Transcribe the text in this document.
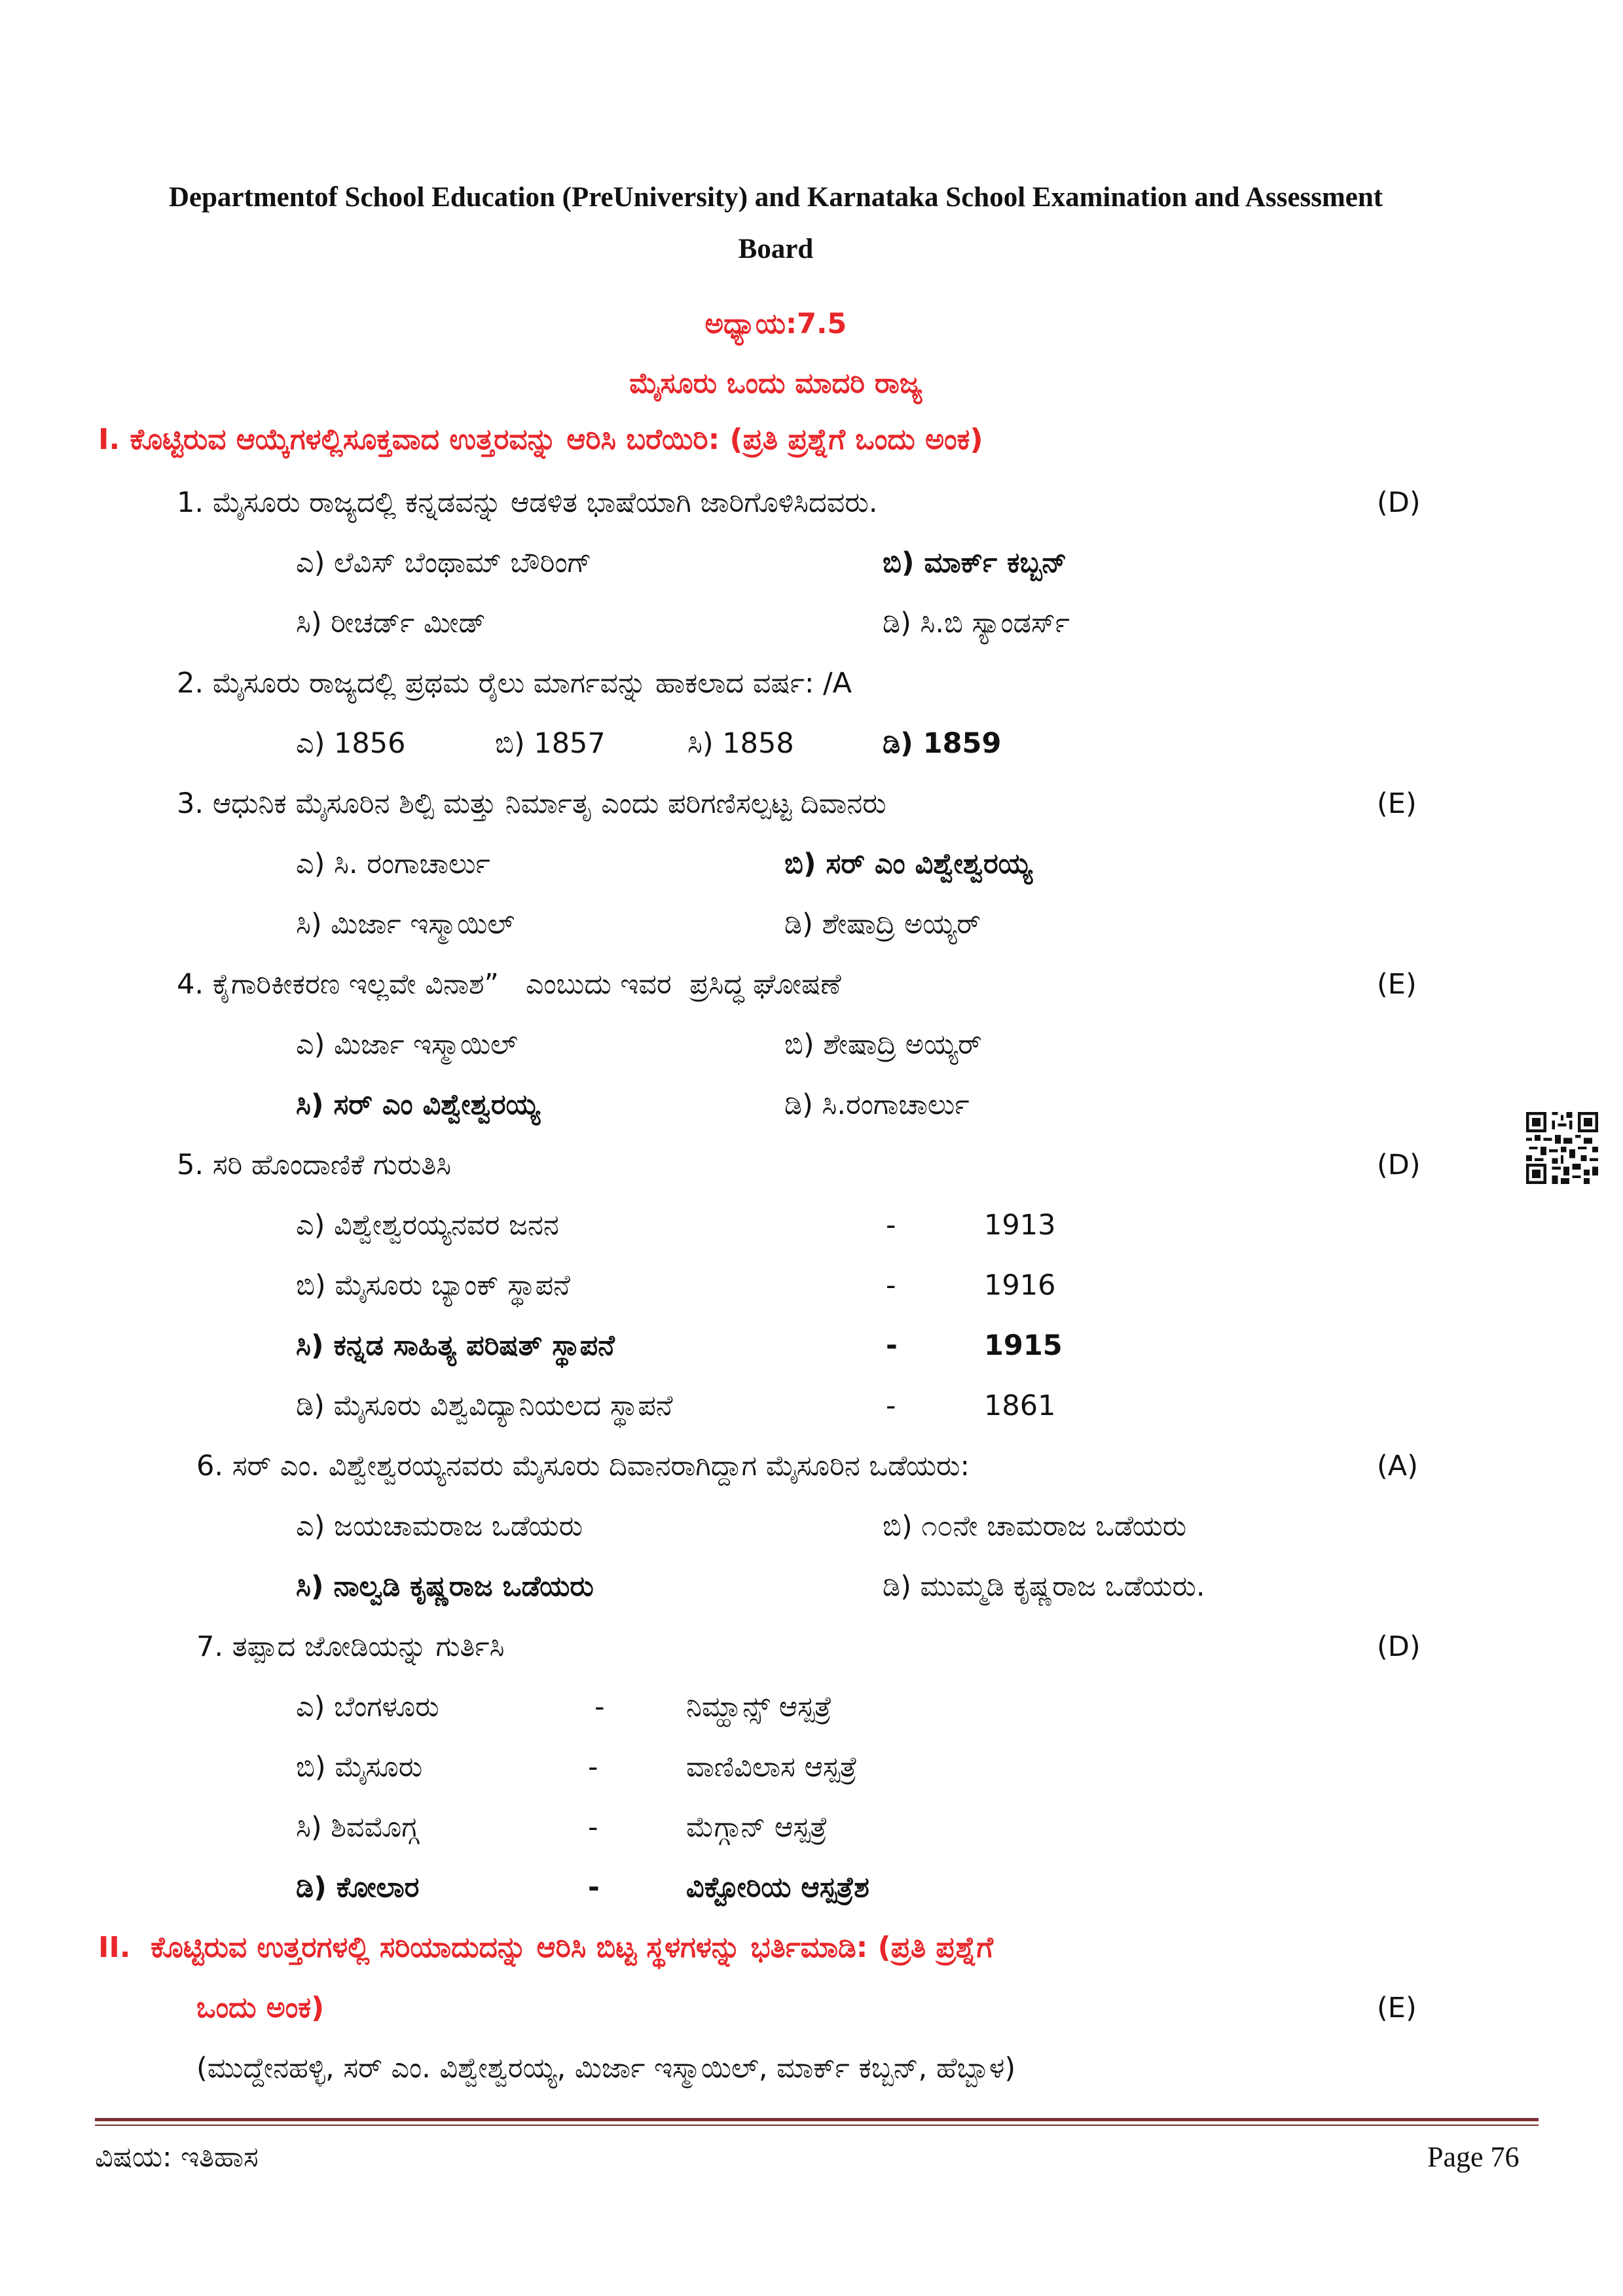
Departmentof School Education (PreUniversity) and Karnataka School Examination and Assessment
Board
ಅಧ್ಯಾಯ:7.5
ಮೈಸೂರು ಒಂದು ಮಾದರಿ ರಾಜ್ಯ
I. ಕೊಟ್ಟಿರುವ ಆಯ್ಕೆಗಳಲ್ಲಿಸೂಕ್ತವಾದ ಉತ್ತರವನ್ನು ಆರಿಸಿ ಬರೆಯಿರಿ: (ಪ್ರತಿ ಪ್ರಶ್ನೆಗೆ ಒಂದು ಅಂಕ)
1. ಮೈಸೂರು ರಾಜ್ಯದಲ್ಲಿ ಕನ್ನಡವನ್ನು ಆಡಳಿತ ಭಾಷೆಯಾಗಿ ಜಾರಿಗೊಳಿಸಿದವರು.	(D)
ಎ) ಲೆವಿಸ್ ಬೆಂಥಾಮ್ ಬೌರಿಂಗ್	ಬಿ) ಮಾರ್ಕ್ ಕಬ್ಬನ್
ಸಿ) ರೀಚರ್ಡ್ ಮೀಡ್	ಡಿ) ಸಿ.ಬಿ ಸ್ಯಾಂಡರ್ಸ್
2. ಮೈಸೂರು ರಾಜ್ಯದಲ್ಲಿ ಪ್ರಥಮ ರೈಲು ಮಾರ್ಗವನ್ನು ಹಾಕಲಾದ ವರ್ಷ: /A
ಎ) 1856	ಬಿ) 1857	ಸಿ) 1858	ಡಿ) 1859
3. ಆಧುನಿಕ ಮೈಸೂರಿನ ಶಿಲ್ಪಿ ಮತ್ತು ನಿರ್ಮಾತೃ ಎಂದು ಪರಿಗಣಿಸಲ್ಪಟ್ಟ ದಿವಾನರು	(E)
ಎ) ಸಿ. ರಂಗಾಚಾರ್ಲು	ಬಿ) ಸರ್ ಎಂ ವಿಶ್ವೇಶ್ವರಯ್ಯ
ಸಿ) ಮಿರ್ಜಾ ಇಸ್ಮಾಯಿಲ್	ಡಿ) ಶೇಷಾದ್ರಿ ಅಯ್ಯರ್
4. ಕೈಗಾರಿಕೀಕರಣ ಇಲ್ಲವೇ ವಿನಾಶ”   ಎಂಬುದು ಇವರ  ಪ್ರಸಿದ್ಧ ಘೋಷಣೆ	(E)
ಎ) ಮಿರ್ಜಾ ಇಸ್ಮಾಯಿಲ್	ಬಿ) ಶೇಷಾದ್ರಿ ಅಯ್ಯರ್
ಸಿ) ಸರ್ ಎಂ ವಿಶ್ವೇಶ್ವರಯ್ಯ	ಡಿ) ಸಿ.ರಂಗಾಚಾರ್ಲು
5. ಸರಿ ಹೊಂದಾಣಿಕೆ ಗುರುತಿಸಿ	(D)
ಎ) ವಿಶ್ವೇಶ್ವರಯ್ಯನವರ ಜನನ	-	1913
ಬಿ) ಮೈಸೂರು ಬ್ಯಾಂಕ್ ಸ್ಥಾಪನೆ	-	1916
ಸಿ) ಕನ್ನಡ ಸಾಹಿತ್ಯ ಪರಿಷತ್ ಸ್ಥಾಪನೆ	-	1915
ಡಿ) ಮೈಸೂರು ವಿಶ್ವವಿದ್ಯಾನಿಯಲದ ಸ್ಥಾಪನೆ	-	1861
6. ಸರ್ ಎಂ. ವಿಶ್ವೇಶ್ವರಯ್ಯನವರು ಮೈಸೂರು ದಿವಾನರಾಗಿದ್ದಾಗ ಮೈಸೂರಿನ ಒಡೆಯರು:	(A)
ಎ) ಜಯಚಾಮರಾಜ ಒಡೆಯರು	ಬಿ) ೧೦ನೇ ಚಾಮರಾಜ ಒಡೆಯರು
ಸಿ) ನಾಲ್ವಡಿ ಕೃಷ್ಣರಾಜ ಒಡೆಯರು	ಡಿ) ಮುಮ್ಮಡಿ ಕೃಷ್ಣರಾಜ ಒಡೆಯರು.
7. ತಪ್ಪಾದ ಜೋಡಿಯನ್ನು ಗುರ್ತಿಸಿ	(D)
ಎ) ಬೆಂಗಳೂರು	-	ನಿಮ್ಹಾನ್ಸ್ ಆಸ್ಪತ್ರೆ
ಬಿ) ಮೈಸೂರು	-	ವಾಣಿವಿಲಾಸ ಆಸ್ಪತ್ರೆ
ಸಿ) ಶಿವಮೊಗ್ಗ	-	ಮೆಗ್ಗಾನ್ ಆಸ್ಪತ್ರೆ
ಡಿ) ಕೋಲಾರ	-	ವಿಕ್ಟೋರಿಯ ಆಸ್ಪತ್ರೆಶ
II.  ಕೊಟ್ಟಿರುವ ಉತ್ತರಗಳಲ್ಲಿ ಸರಿಯಾದುದನ್ನು ಆರಿಸಿ ಬಿಟ್ಟ ಸ್ಥಳಗಳನ್ನು ಭರ್ತಿಮಾಡಿ: (ಪ್ರತಿ ಪ್ರಶ್ನೆಗೆ
ಒಂದು ಅಂಕ)	(E)
(ಮುದ್ದೇನಹಳ್ಳಿ, ಸರ್ ಎಂ. ವಿಶ್ವೇಶ್ವರಯ್ಯ, ಮಿರ್ಜಾ ಇಸ್ಮಾಯಿಲ್, ಮಾರ್ಕ್ ಕಬ್ಬನ್, ಹೆಬ್ಬಾಳ)
ವಿಷಯ: ಇತಿಹಾಸ	Page 76
